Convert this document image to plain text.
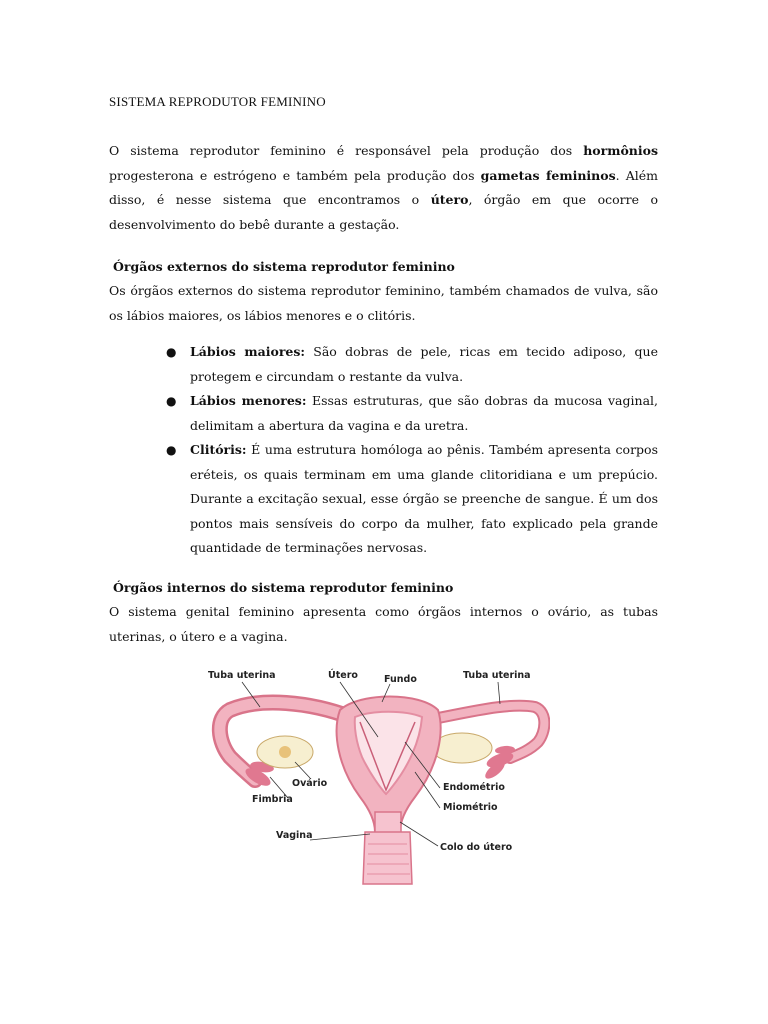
SISTEMA REPRODUTOR FEMININO
O sistema reprodutor feminino é responsável pela produção dos hormônios progesterona e estrógeno e também pela produção dos gametas femininos. Além disso, é nesse sistema que encontramos o útero, órgão em que ocorre o desenvolvimento do bebê durante a gestação.
Órgãos externos do sistema reprodutor feminino
Os órgãos externos do sistema reprodutor feminino, também chamados de vulva, são os lábios maiores, os lábios menores e o clitóris.
● Lábios maiores: São dobras de pele, ricas em tecido adiposo, que protegem e circundam o restante da vulva.
● Lábios menores: Essas estruturas, que são dobras da mucosa vaginal, delimitam a abertura da vagina e da uretra.
● Clitóris: É uma estrutura homóloga ao pênis. Também apresenta corpos eréteis, os quais terminam em uma glande clitoridiana e um prepúcio. Durante a excitação sexual, esse órgão se preenche de sangue. É um dos pontos mais sensíveis do corpo da mulher, fato explicado pela grande quantidade de terminações nervosas.
Órgãos internos do sistema reprodutor feminino
O sistema genital feminino apresenta como órgãos internos o ovário, as tubas uterinas, o útero e a vagina.
Tuba uterina	Útero	Fundo	Tuba uterina
Ovário
Fimbria
Endométrio
Miométrio
Vagina
Colo do útero
